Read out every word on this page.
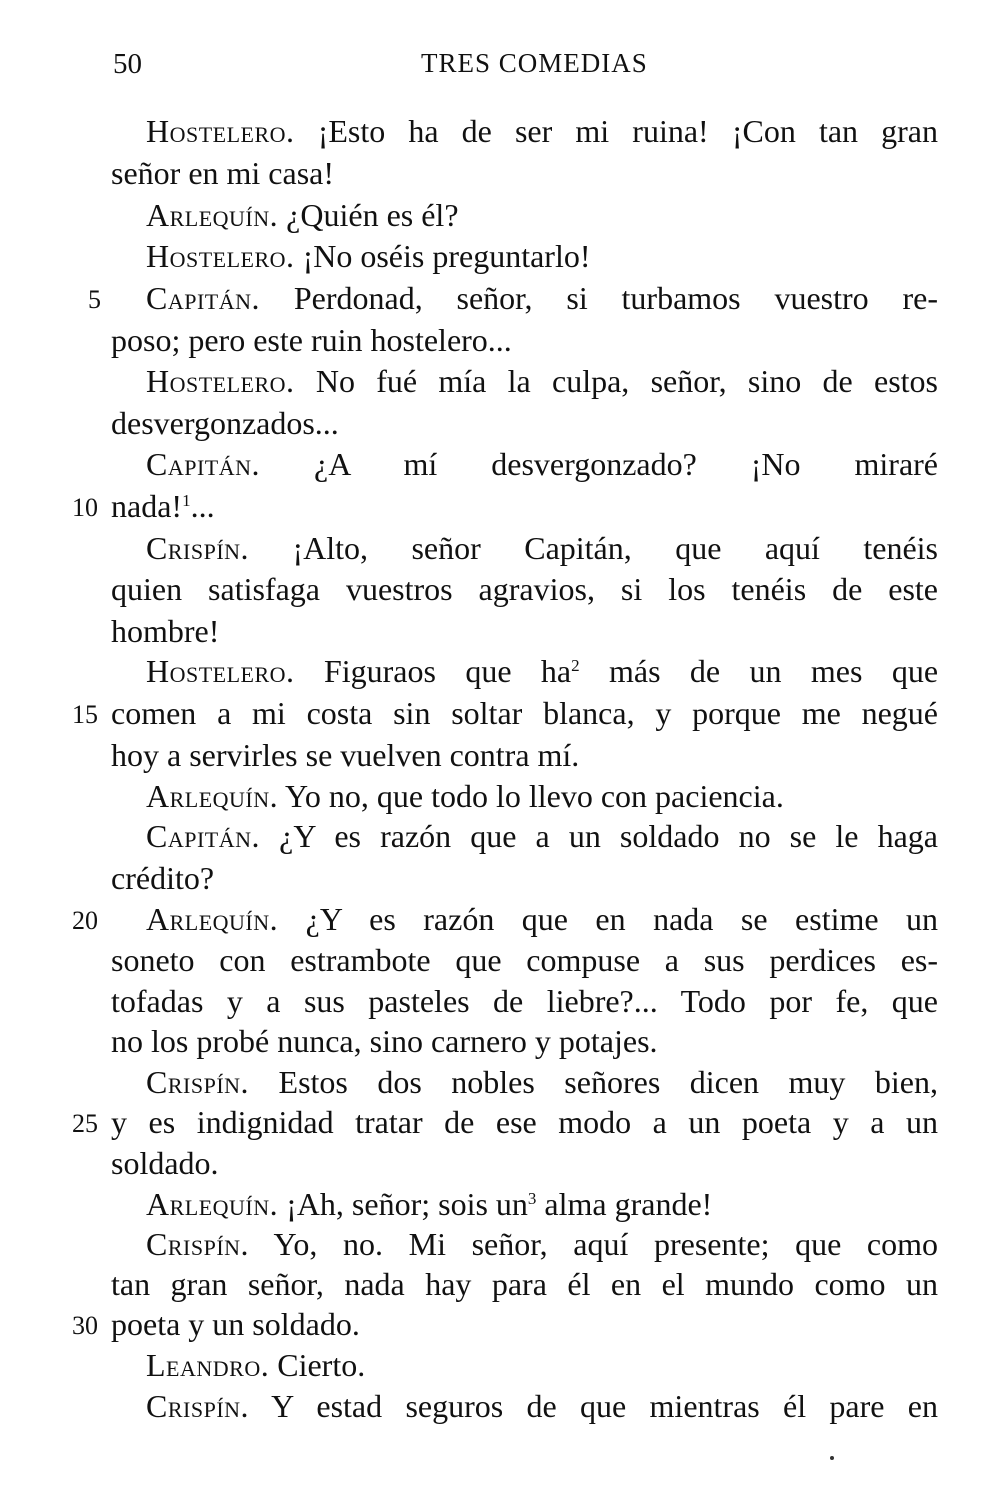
50	TRES COMEDIAS
Hostelero. ¡Esto ha de ser mi ruina! ¡Con tan gran
señor en mi casa!
Arlequín. ¿Quién es él?
Hostelero. ¡No oséis preguntarlo!
5	Capitán. Perdonad, señor, si turbamos vuestro re-
poso; pero este ruin hostelero...
Hostelero. No fué mía la culpa, señor, sino de estos
desvergonzados...
Capitán. ¿A mí desvergonzado? ¡No miraré
10 nada!$^1$...
Crispín. ¡Alto, señor Capitán, que aquí tenéis
quien satisfaga vuestros agravios, si los tenéis de este
hombre!
Hostelero. Figuraos que $ha^2$ más de un mes que
15 comen a mi costa sin soltar blanca, y porque me negué
hoy a servirles se vuelven contra mí.
Arlequín. Yo no, que todo lo llevo con paciencia.
Capitán. ¿Y es razón que a un soldado no se le haga
crédito?
20	Arlequín. ¿Y es razón que en nada se estime un
soneto con estrambote que compuse a sus perdices es-
tofadas y a sus pasteles de liebre?... Todo por fe, que
no los probé nunca, sino carnero y potajes.
Crispín. Estos dos nobles señores dicen muy bien,
25 y es indignidad tratar de ese modo a un poeta y a un
soldado.
Arlequín. ¡Ah, señor; sois $un^3$ alma grande!
Crispín. Yo, no. Mi señor, aquí presente; que como
tan gran señor, nada hay para él en el mundo como un
30 poeta y un soldado.
Leandro. Cierto.
Crispín. Y estad seguros de que mientras él pare en
